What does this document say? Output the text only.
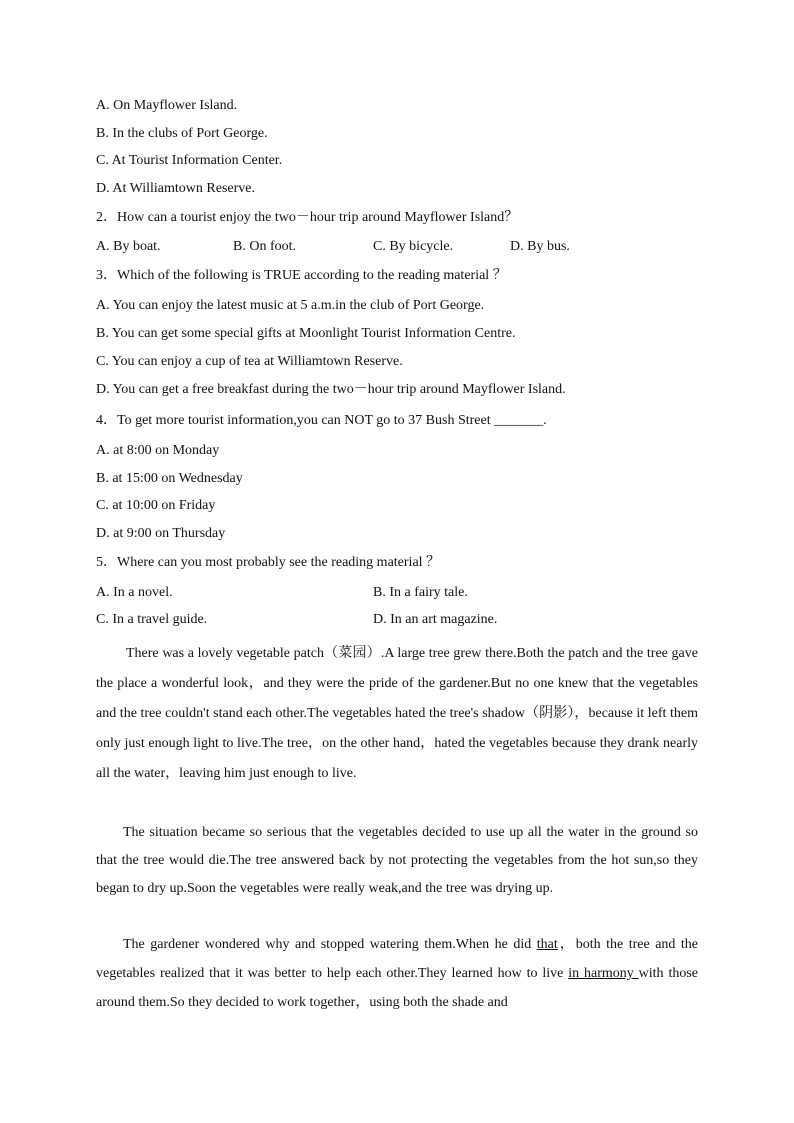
A. On Mayflower Island.
B. In the clubs of Port George.
C. At Tourist Information Center.
D. At Williamtown Reserve.
2．How can a tourist enjoy the two－hour trip around Mayflower Island？
A. By boat.	B. On foot.	C. By bicycle.	D. By bus.
3．Which of the following is TRUE according to the reading material ？
A. You can enjoy the latest music at 5 a.m.in the club of Port George.
B. You can get some special gifts at Moonlight Tourist Information Centre.
C. You can enjoy a cup of tea at Williamtown Reserve.
D. You can get a free breakfast during the two－hour trip around Mayflower Island.
4．To get more tourist information,you can NOT go to 37 Bush Street _______.
A. at 8:00 on Monday
B. at 15:00 on Wednesday
C. at 10:00 on Friday
D. at 9:00 on Thursday
5．Where can you most probably see the reading material ？
A. In a novel.	B. In a fairy tale.
C. In a travel guide.	D. In an art magazine.
There was a lovely vegetable patch（菜园）.A large tree grew there.Both the patch and the tree gave the place a wonderful look，and they were the pride of the gardener.But no one knew that the vegetables and the tree couldn't stand each other.The vegetables hated the tree's shadow（阴影），because it left them only just enough light to live.The tree，on the other hand，hated the vegetables because they drank nearly all the water，leaving him just enough to live.
The situation became so serious that the vegetables decided to use up all the water in the ground so that the tree would die.The tree answered back by not protecting the vegetables from the hot sun,so they began to dry up.Soon the vegetables were really weak,and the tree was drying up.
The gardener wondered why and stopped watering them.When he did that，both the tree and the vegetables realized that it was better to help each other.They learned how to live in harmony with those around them.So they decided to work together，using both the shade and
